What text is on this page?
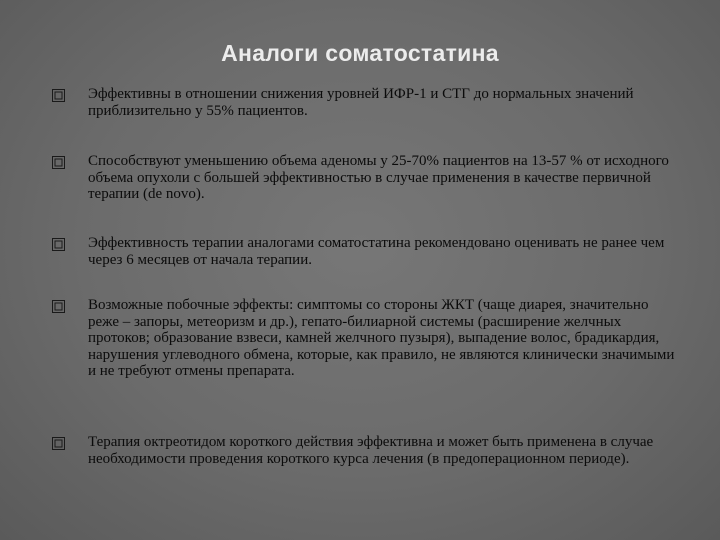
Аналоги соматостатина
Эффективны в отношении снижения уровней ИФР-1 и СТГ до нормальных значений приблизительно у 55% пациентов.
Способствуют уменьшению объема аденомы у 25-70% пациентов на 13-57 % от исходного объема опухоли с большей эффективностью в случае применения в качестве первичной терапии (de novo).
Эффективность терапии аналогами соматостатина рекомендовано оценивать не ранее чем через 6 месяцев от начала терапии.
Возможные побочные эффекты: симптомы со стороны ЖКТ (чаще диарея, значительно реже – запоры, метеоризм и др.), гепато-билиарной системы (расширение желчных протоков; образование взвеси, камней желчного пузыря), выпадение волос, брадикардия, нарушения углеводного обмена, которые, как правило, не являются клинически значимыми и не требуют отмены препарата.
Терапия октреотидом короткого действия эффективна и может быть применена в случае необходимости проведения короткого курса лечения (в предоперационном периоде).
